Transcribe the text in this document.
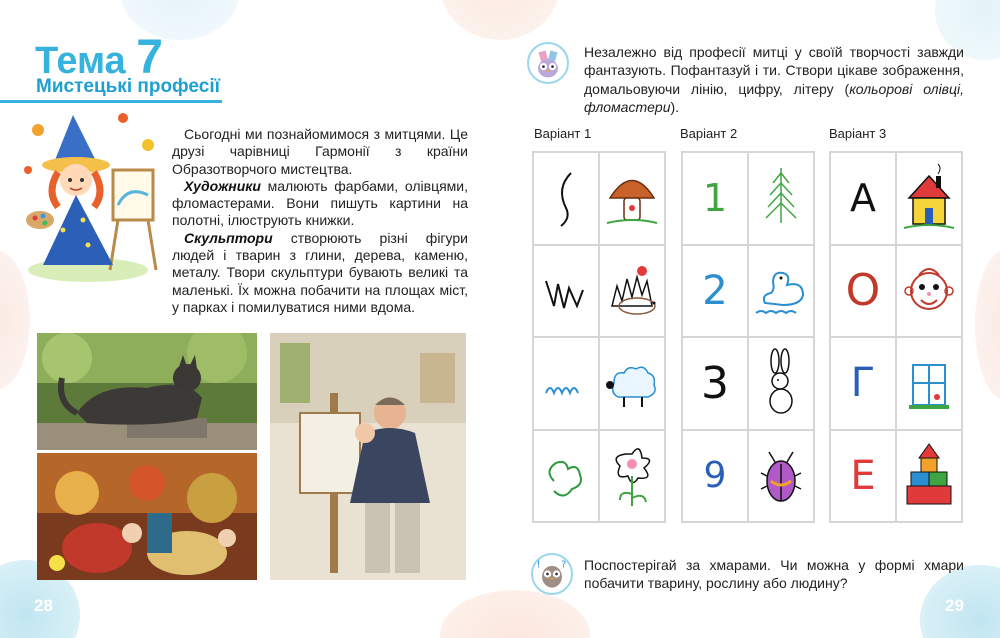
Тема 7
Мистецькі професії

Сьогодні ми познайомимося з митцями. Це друзі чарівниці Гармонії з країни Образотворчого мистецтва.

Художники малюють фарбами, олівцями, фломастерами. Вони пишуть картини на полотні, ілюструють книжки.

Скульптори створюють різні фігури людей і тварин з глини, дерева, каменю, металу. Твори скульптури бувають великі та маленькі. Їх можна побачити на площах міст, у парках і помилуватися ними вдома.

28
Незалежно від професії митці у своїй творчості завжди фантазують. Пофантазуй і ти. Створи цікаве зображення, домальовуючи лінію, цифру, літеру (кольорові олівці, фломастери).
Варіант 1	Варіант 2	Варіант 3
1
2
3
9
А
О
Г
Е
! ? Поспостерігай за хмарами. Чи можна у формі хмари побачити тварину, рослину або людину?
29
